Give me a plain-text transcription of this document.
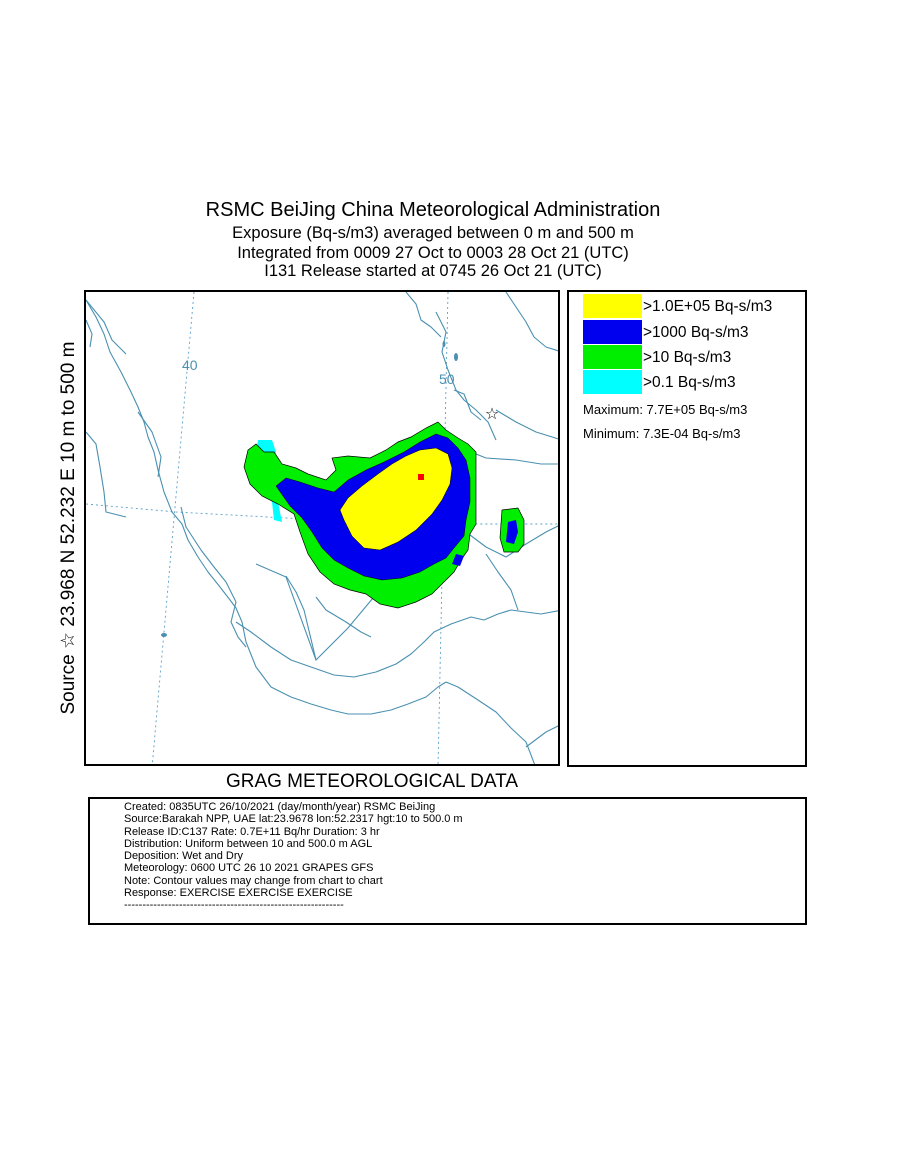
RSMC BeiJing China Meteorological Administration

Exposure (Bq-s/m3) averaged between 0 m and 500 m

Integrated from 0009 27 Oct to 0003 28 Oct 21 (UTC)

I131 Release started at 0745 26 Oct 21 (UTC)

Source ☆ 23.968 N 52.232 E 10 m to 500 m	40
50
☆
>1.0E+05 Bq-s/m3
>1000 Bq-s/m3
>10 Bq-s/m3
>0.1 Bq-s/m3
Maximum: 7.7E+05 Bq-s/m3
Minimum: 7.3E-04 Bq-s/m3

GRAG METEOROLOGICAL DATA

Created: 0835UTC 26/10/2021 (day/month/year) RSMC BeiJing
Source:Barakah NPP, UAE lat:23.9678 lon:52.2317 hgt:10 to 500.0 m
Release ID:C137 Rate: 0.7E+11 Bq/hr Duration: 3 hr
Distribution: Uniform between 10 and 500.0 m AGL
Deposition: Wet and Dry
Meteorology: 0600 UTC 26 10 2021 GRAPES GFS
Note: Contour values may change from chart to chart
Response: EXERCISE EXERCISE EXERCISE
------------------------------------------------------------
